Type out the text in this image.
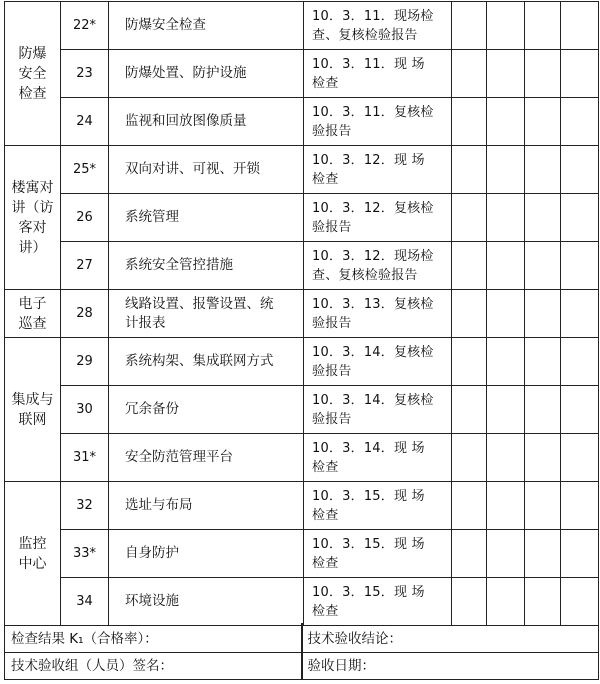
防爆
安全
检查	22*	防爆安全检查	10．3．11．现场检
查、复核检验报告				
23	防爆处置、防护设施	10．3．11．现 场
检查				
24	监视和回放图像质量	10．3．11．复核检
验报告				
楼寓对
讲（访
客对
讲）	25*	双向对讲、可视、开锁	10．3．12．现 场
检查				
26	系统管理	10．3．12．复核检
验报告				
27	系统安全管控措施	10．3．12．现场检
查、复核检验报告				
电子
巡查	28	线路设置、报警设置、统
计报表	10．3．13．复核检
验报告				
集成与
联网	29	系统构架、集成联网方式	10．3．14．复核检
验报告				
30	冗余备份	10．3．14．复核检
验报告				
31*	安全防范管理平台	10．3．14．现 场
检查				
监控
中心	32	选址与布局	10．3．15．现 场
检查				
33*	自身防护	10．3．15．现 场
检查				
34	环境设施	10．3．15．现 场
检查				
检查结果 K₁（合格率）：	技术验收结论：
技术验收组（人员）签名：	验收日期：
